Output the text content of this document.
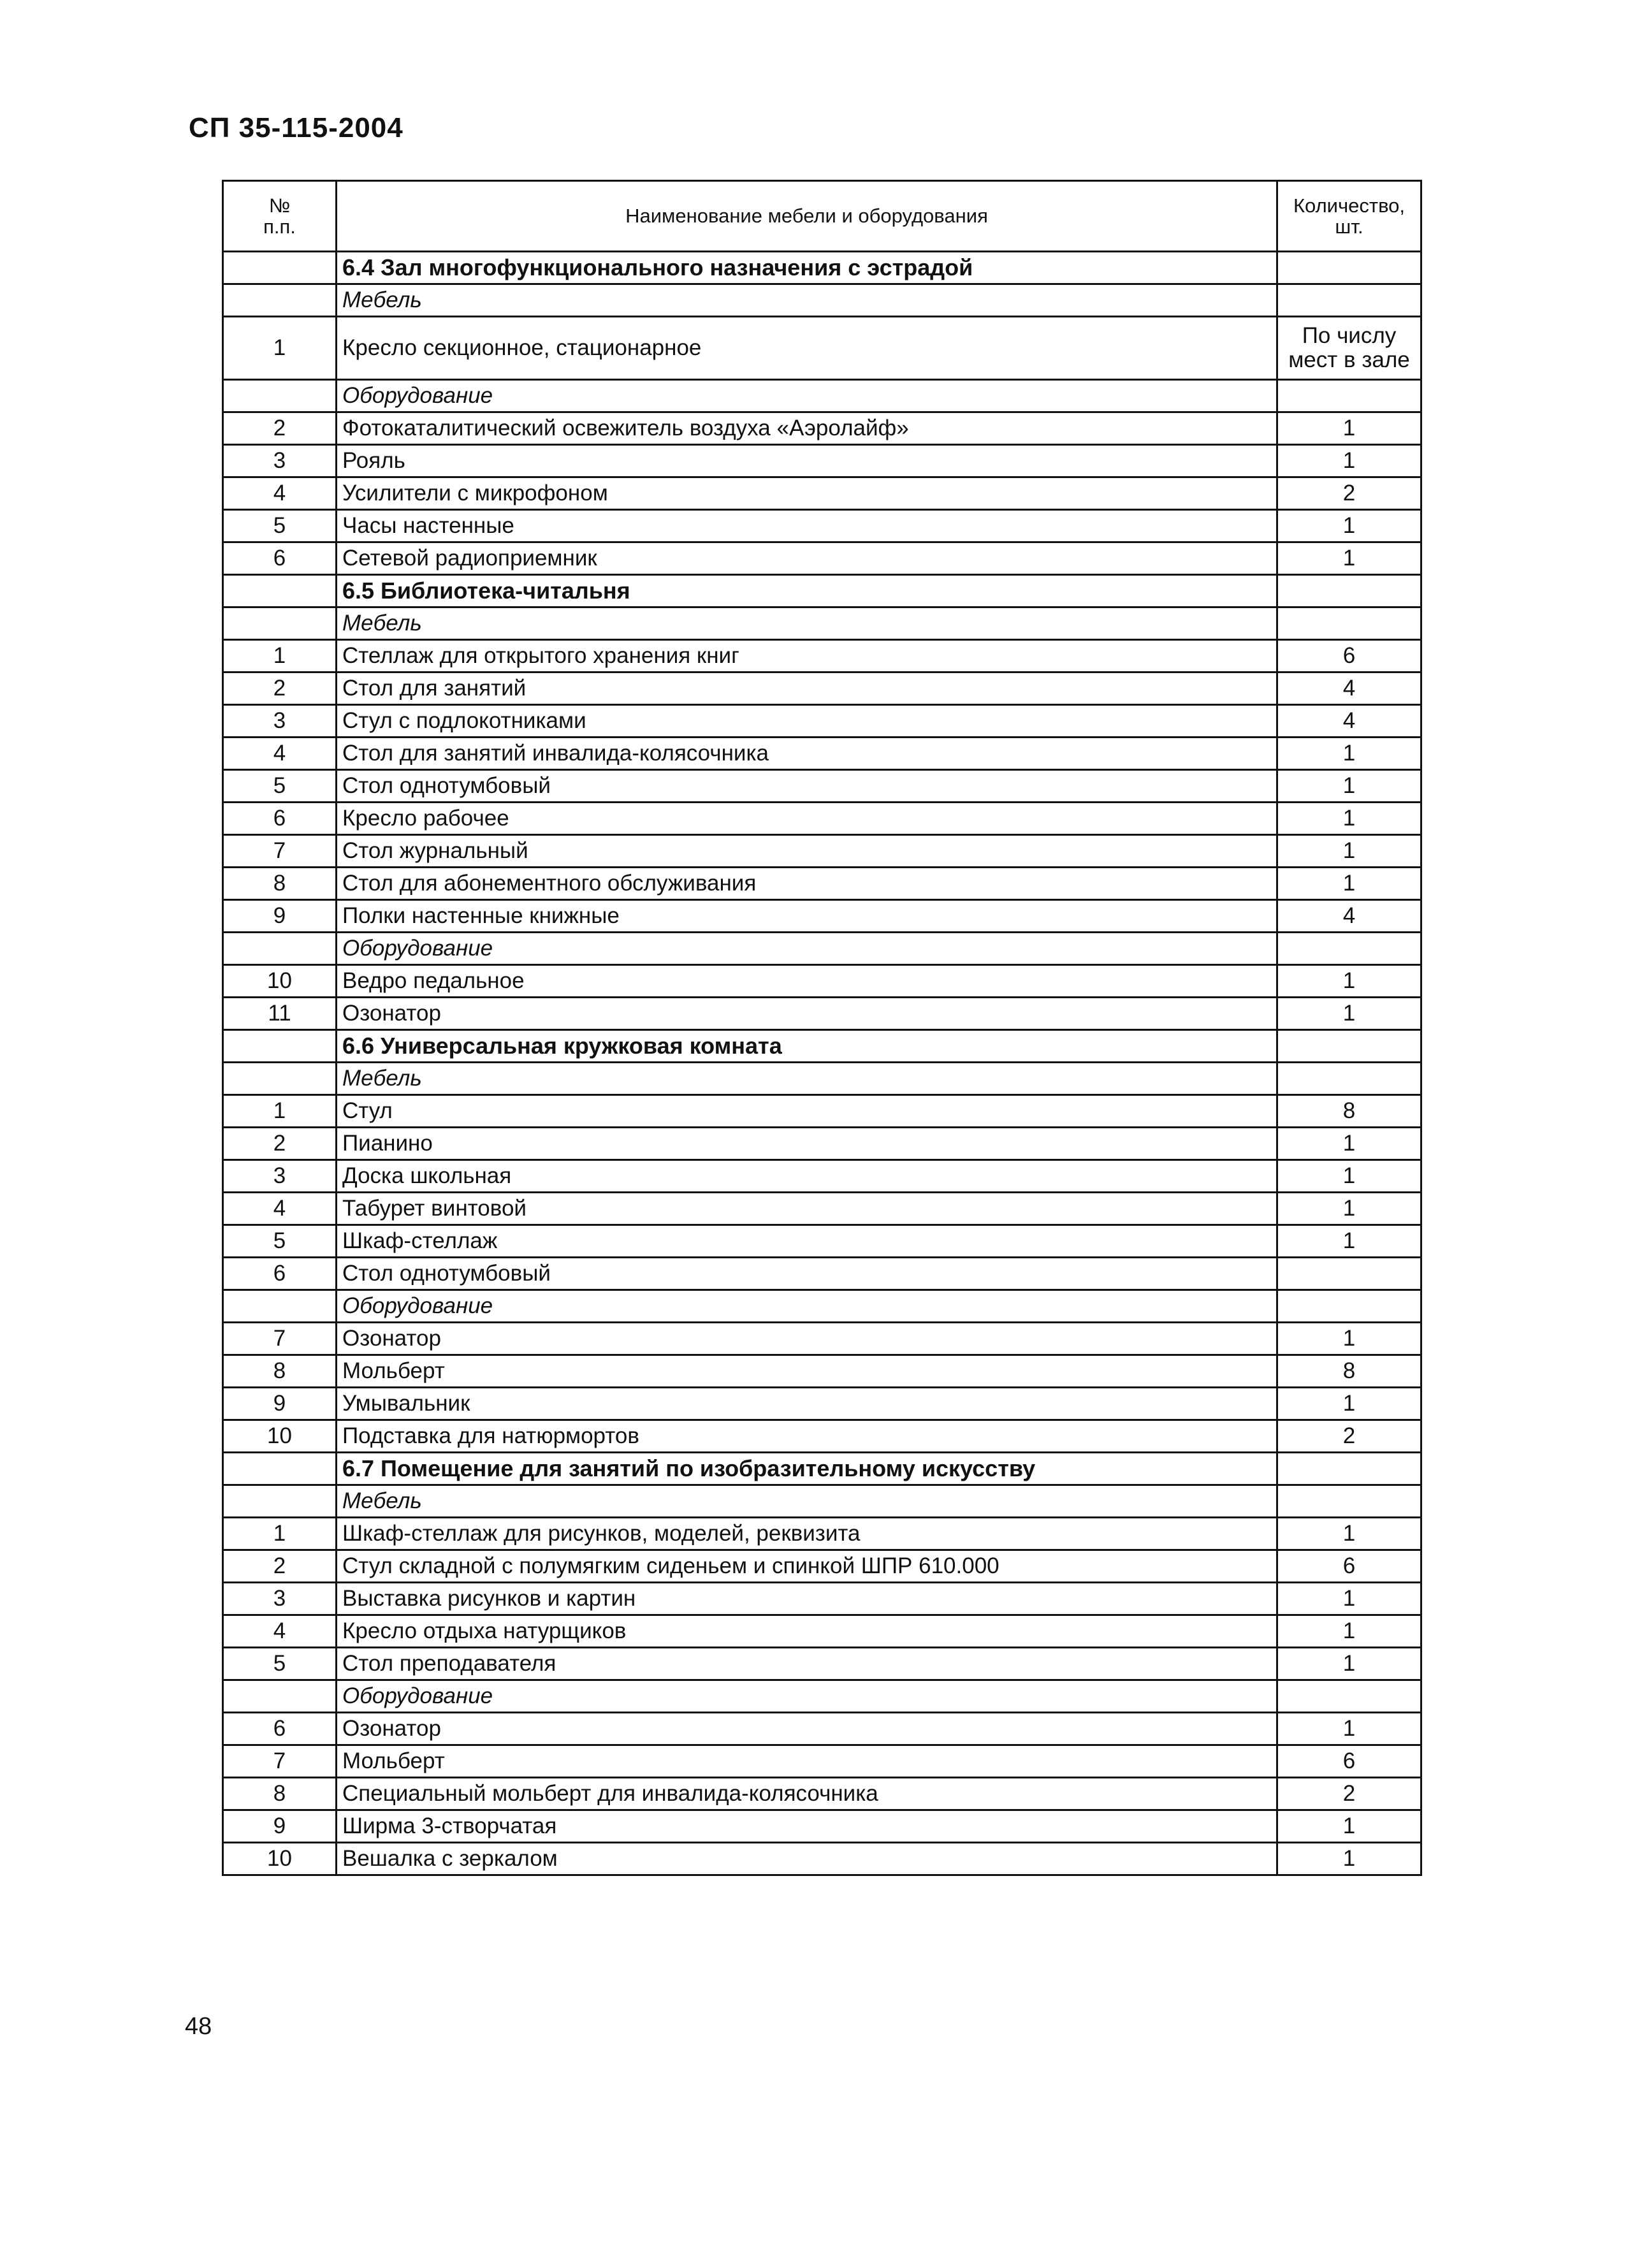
СП 35-115-2004
№
п.п.	Наименование мебели и оборудования	Количество,
шт.

	6.4 Зал многофункционального назначения с эстрадой	
	Мебель	
1	Кресло секционное, стационарное	По числу
мест в зале

	Оборудование	
2	Фотокаталитический освежитель воздуха «Аэролайф»	1
3	Рояль	1
4	Усилители с микрофоном	2
5	Часы настенные	1
6	Сетевой радиоприемник	1
	6.5 Библиотека-читальня	
	Мебель	
1	Стеллаж для открытого хранения книг	6
2	Стол для занятий	4
3	Стул с подлокотниками	4
4	Стол для занятий инвалида-колясочника	1
5	Стол однотумбовый	1
6	Кресло рабочее	1
7	Стол журнальный	1
8	Стол для абонементного обслуживания	1
9	Полки настенные книжные	4
	Оборудование	
10	Ведро педальное	1
11	Озонатор	1
	6.6 Универсальная кружковая комната	
	Мебель	
1	Стул	8
2	Пианино	1
3	Доска школьная	1
4	Табурет винтовой	1
5	Шкаф-стеллаж	1
6	Стол однотумбовый	
	Оборудование	
7	Озонатор	1
8	Мольберт	8
9	Умывальник	1
10	Подставка для натюрмортов	2
	6.7 Помещение для занятий по изобразительному искусству	
	Мебель	
1	Шкаф-стеллаж для рисунков, моделей, реквизита	1
2	Стул складной с полумягким сиденьем и спинкой ШПР 610.000	6
3	Выставка рисунков и картин	1
4	Кресло отдыха натурщиков	1
5	Стол преподавателя	1
	Оборудование	
6	Озонатор	1
7	Мольберт	6
8	Специальный мольберт для инвалида-колясочника	2
9	Ширма 3-створчатая	1
10	Вешалка с зеркалом	1
48
